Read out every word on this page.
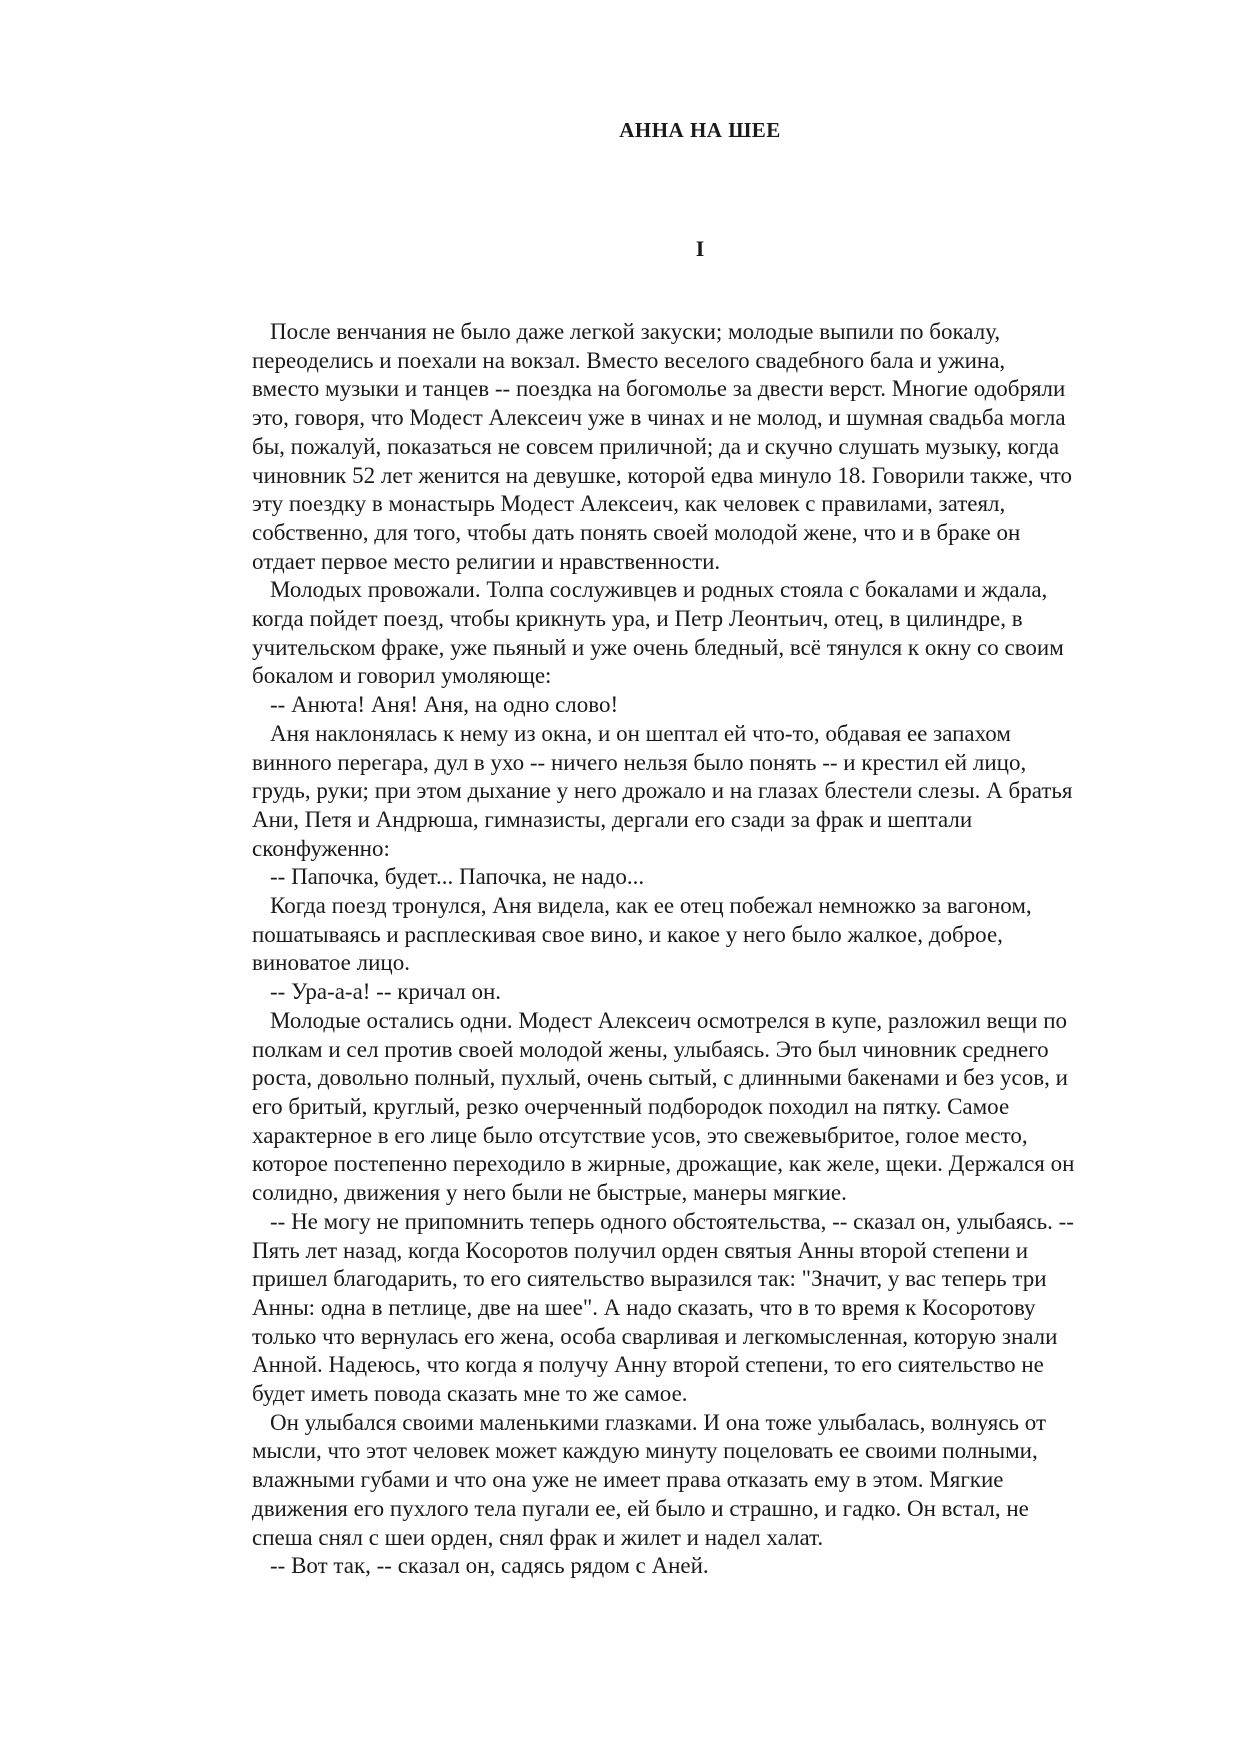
АННА НА ШЕЕ
I

После венчания не было даже легкой закуски; молодые выпили по бокалу,
переоделись и поехали на вокзал. Вместо веселого свадебного бала и ужина,
вместо музыки и танцев -- поездка на богомолье за двести верст. Многие одобряли
это, говоря, что Модест Алексеич уже в чинах и не молод, и шумная свадьба могла
бы, пожалуй, показаться не совсем приличной; да и скучно слушать музыку, когда
чиновник 52 лет женится на девушке, которой едва минуло 18. Говорили также, что
эту поездку в монастырь Модест Алексеич, как человек с правилами, затеял,
собственно, для того, чтобы дать понять своей молодой жене, что и в браке он
отдает первое место религии и нравственности.

Молодых провожали. Толпа сослуживцев и родных стояла с бокалами и ждала,
когда пойдет поезд, чтобы крикнуть ура, и Петр Леонтьич, отец, в цилиндре, в
учительском фраке, уже пьяный и уже очень бледный, всё тянулся к окну со своим
бокалом и говорил умоляюще:

-- Анюта! Аня! Аня, на одно слово!

Аня наклонялась к нему из окна, и он шептал ей что-то, обдавая ее запахом
винного перегара, дул в ухо -- ничего нельзя было понять -- и крестил ей лицо,
грудь, руки; при этом дыхание у него дрожало и на глазах блестели слезы. А братья
Ани, Петя и Андрюша, гимназисты, дергали его сзади за фрак и шептали
сконфуженно:

-- Папочка, будет... Папочка, не надо...

Когда поезд тронулся, Аня видела, как ее отец побежал немножко за вагоном,
пошатываясь и расплескивая свое вино, и какое у него было жалкое, доброе,
виноватое лицо.

-- Ура-а-а! -- кричал он.

Молодые остались одни. Модест Алексеич осмотрелся в купе, разложил вещи по
полкам и сел против своей молодой жены, улыбаясь. Это был чиновник среднего
роста, довольно полный, пухлый, очень сытый, с длинными бакенами и без усов, и
его бритый, круглый, резко очерченный подбородок походил на пятку. Самое
характерное в его лице было отсутствие усов, это свежевыбритое, голое место,
которое постепенно переходило в жирные, дрожащие, как желе, щеки. Держался он
солидно, движения у него были не быстрые, манеры мягкие.

-- Не могу не припомнить теперь одного обстоятельства, -- сказал он, улыбаясь. --
Пять лет назад, когда Косоротов получил орден святыя Анны второй степени и
пришел благодарить, то его сиятельство выразился так: "Значит, у вас теперь три
Анны: одна в петлице, две на шее". А надо сказать, что в то время к Косоротову
только что вернулась его жена, особа сварливая и легкомысленная, которую знали
Анной. Надеюсь, что когда я получу Анну второй степени, то его сиятельство не
будет иметь повода сказать мне то же самое.

Он улыбался своими маленькими глазками. И она тоже улыбалась, волнуясь от
мысли, что этот человек может каждую минуту поцеловать ее своими полными,
влажными губами и что она уже не имеет права отказать ему в этом. Мягкие
движения его пухлого тела пугали ее, ей было и страшно, и гадко. Он встал, не
спеша снял с шеи орден, снял фрак и жилет и надел халат.

-- Вот так, -- сказал он, садясь рядом с Аней.
